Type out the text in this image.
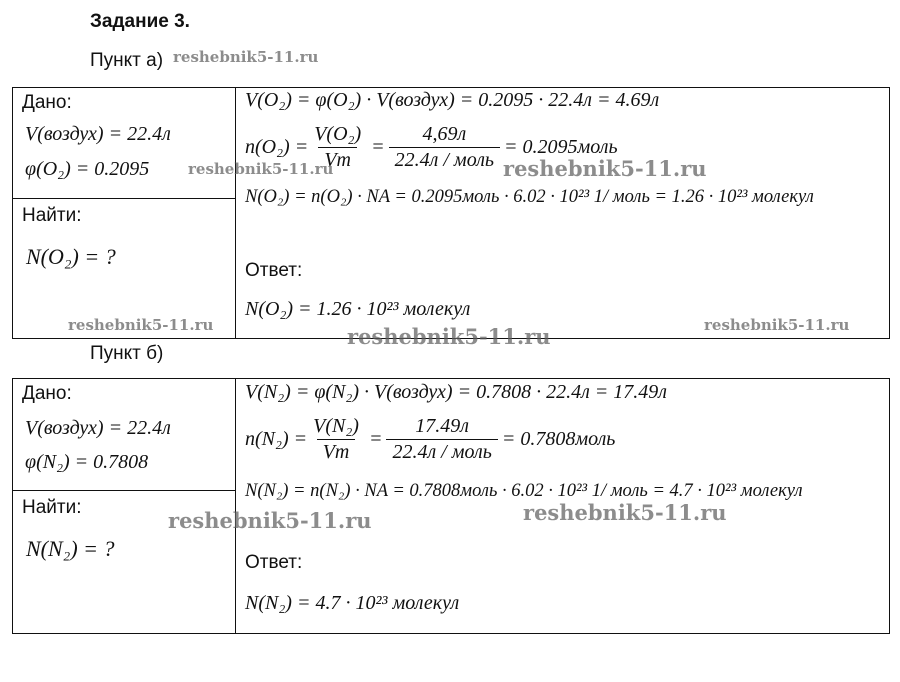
Задание 3.
Пункт а) reshebnik5-11.ru
Дано:
V(воздух) = 22.4л
φ(O₂) = 0.2095
Найти:
N(O₂) = ?
V(O₂) = φ(O₂) · V(воздух) = 0.2095 · 22.4л = 4.69л
$n(O_2) = \frac{\text{V(O₂)}}{Vm} = \frac{4,69л}{\text{22.4л / моль}}$ = 0.2095моль
N(O₂) = n(O₂) · NA = 0.2095моль · 6.02 · 10²³ 1/ моль = 1.26 · 10²³ молекул
Ответ:
N(O₂) = 1.26 · 10²³ молекул
reshebnik5-11.ru	reshebnik5-11.ru
reshebnik5-11.ru	reshebnik5-11.ru	reshebnik5-11.ru
Пункт б)
Дано:
V(воздух) = 22.4л
φ(N₂) = 0.7808
Найти:
N(N₂) = ?
V(N₂) = φ(N₂) · V(воздух) = 0.7808 · 22.4л = 17.49л
$n(N_2) = \frac{\text{V(N₂)}}{Vm} = \frac{17.49л}{\text{22.4л / моль}}$ = 0.7808моль
N(N₂) = n(N₂) · NA = 0.7808моль · 6.02 · 10²³ 1/ моль = 4.7 · 10²³ молекул
Ответ:
N(N₂) = 4.7 · 10²³ молекул
reshebnik5-11.ru	reshebnik5-11.ru
